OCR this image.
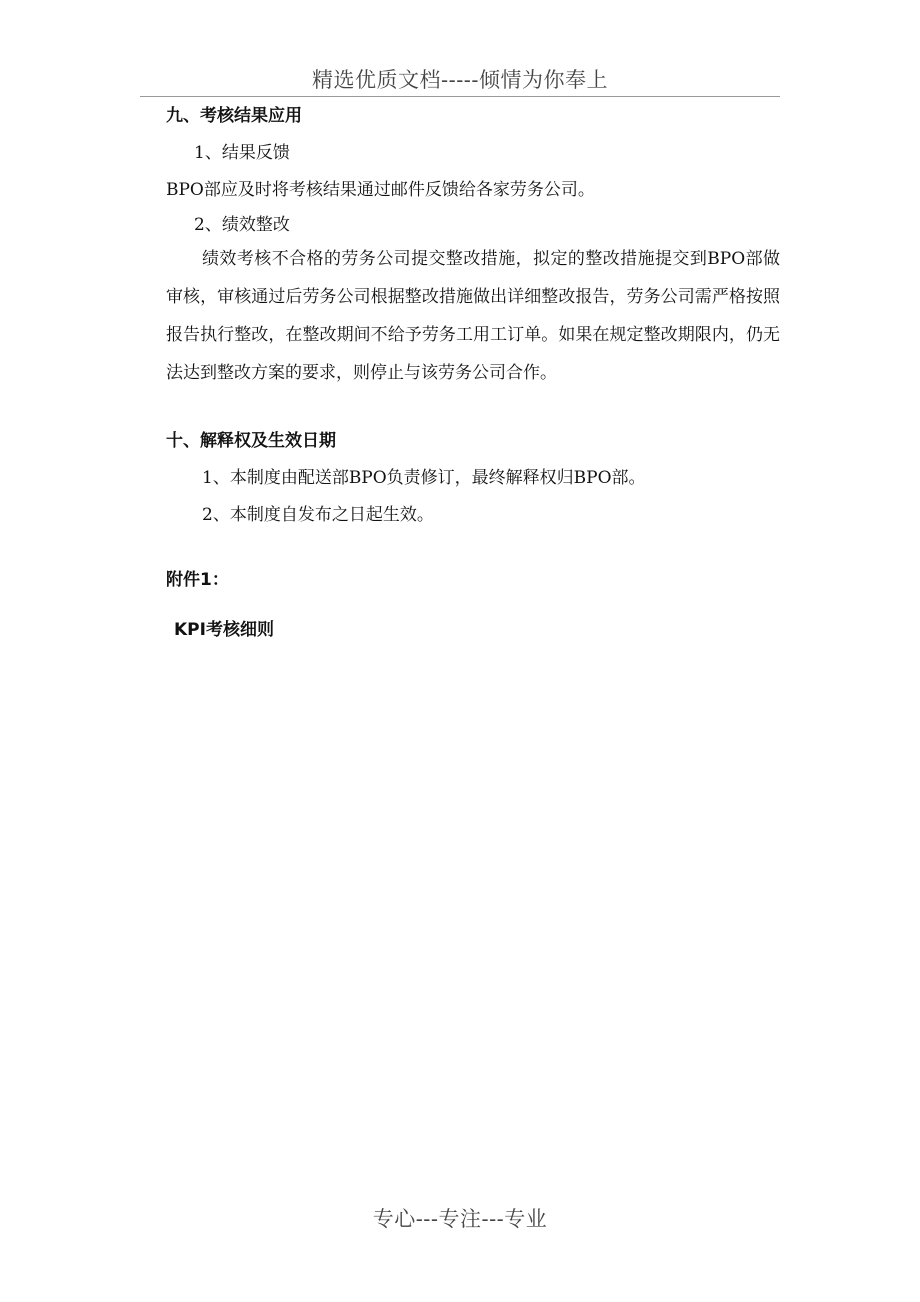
精选优质文档-----倾情为你奉上
九、考核结果应用
1、结果反馈
BPO部应及时将考核结果通过邮件反馈给各家劳务公司。
2、绩效整改
绩效考核不合格的劳务公司提交整改措施，拟定的整改措施提交到BPO部做审核，审核通过后劳务公司根据整改措施做出详细整改报告，劳务公司需严格按照报告执行整改，在整改期间不给予劳务工用工订单。如果在规定整改期限内，仍无法达到整改方案的要求，则停止与该劳务公司合作。
十、解释权及生效日期
1、本制度由配送部BPO负责修订，最终解释权归BPO部。
2、本制度自发布之日起生效。
附件1：
KPI考核细则
专心---专注---专业
